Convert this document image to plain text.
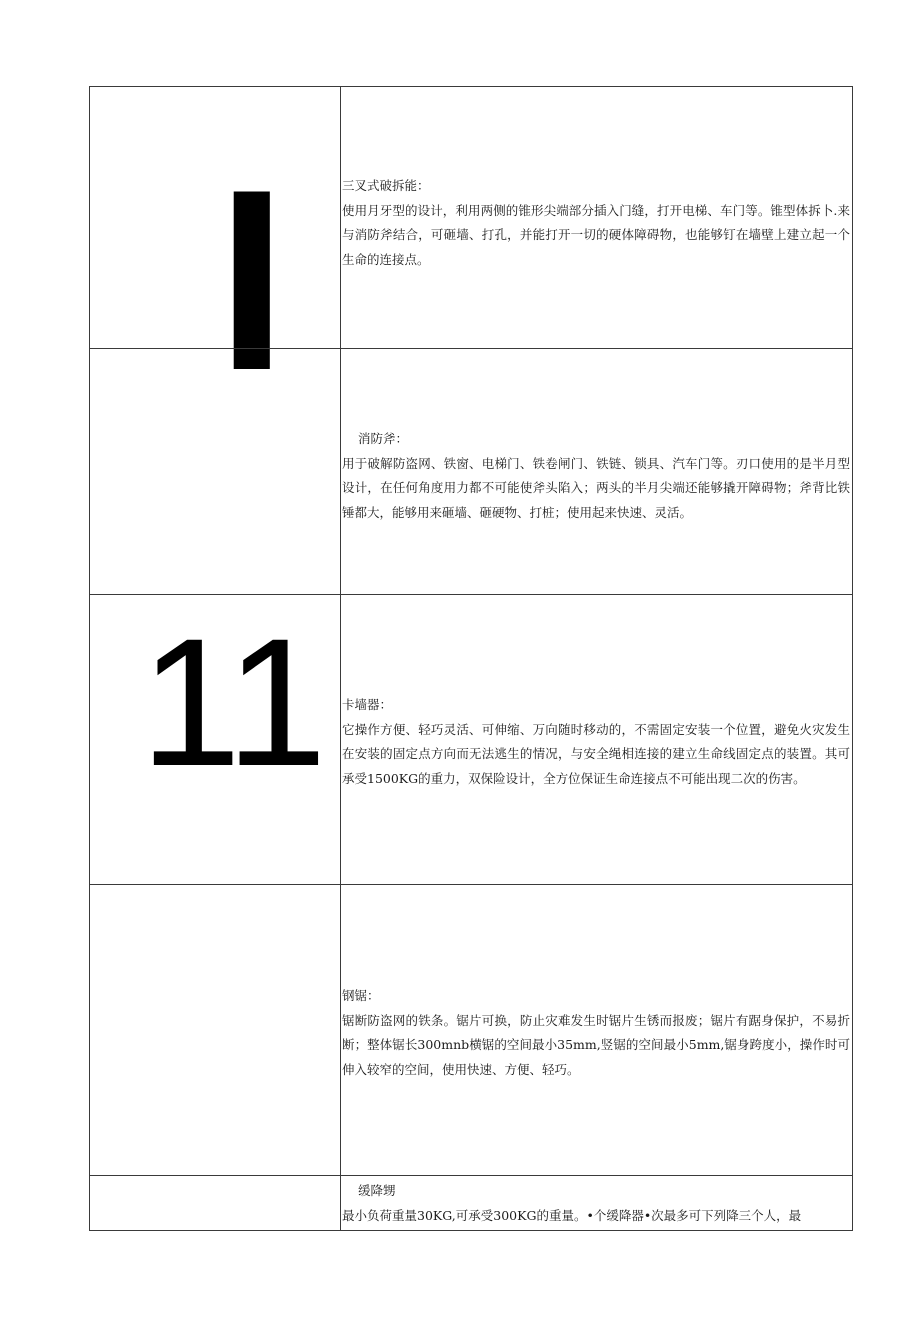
I	三叉式破拆能：
使用月牙型的设计，利用两侧的锥形尖端部分插入门缝，打开电梯、车门等。锥型体拆卜.来与消防斧结合，可砸墙、打孔，并能打开一切的硬体障碍物，也能够钉在墙壁上建立起一个生命的连接点。
消防斧：
用于破解防盗网、铁窗、电梯门、铁卷闸门、铁链、锁具、汽车门等。刃口使用的是半月型设计，在任何角度用力都不可能使斧头陷入；两头的半月尖端还能够撬开障碍物；斧背比铁锤都大，能够用来砸墙、砸硬物、打桩；使用起来快速、灵活。
11 卡墙器：
它操作方便、轻巧灵活、可伸缩、万向随时移动的，不需固定安装一个位置，避免火灾发生在安装的固定点方向而无法逃生的情况，与安全绳相连接的建立生命线固定点的装置。其可承受1500KG的重力，双保险设计，全方位保证生命连接点不可能出现二次的伤害。
钢锯：
锯断防盗网的铁条。锯片可换，防止灾难发生时锯片生锈而报废；锯片有踞身保护，不易折断；整体锯长300mnb横锯的空间最小35mm,竖锯的空间最小5mm,锯身跨度小，操作时可伸入较窄的空间，使用快速、方便、轻巧。
缓降甥
最小负荷重量30KG,可承受300KG的重量。•个缓降器•次最多可下列降三个人，最
